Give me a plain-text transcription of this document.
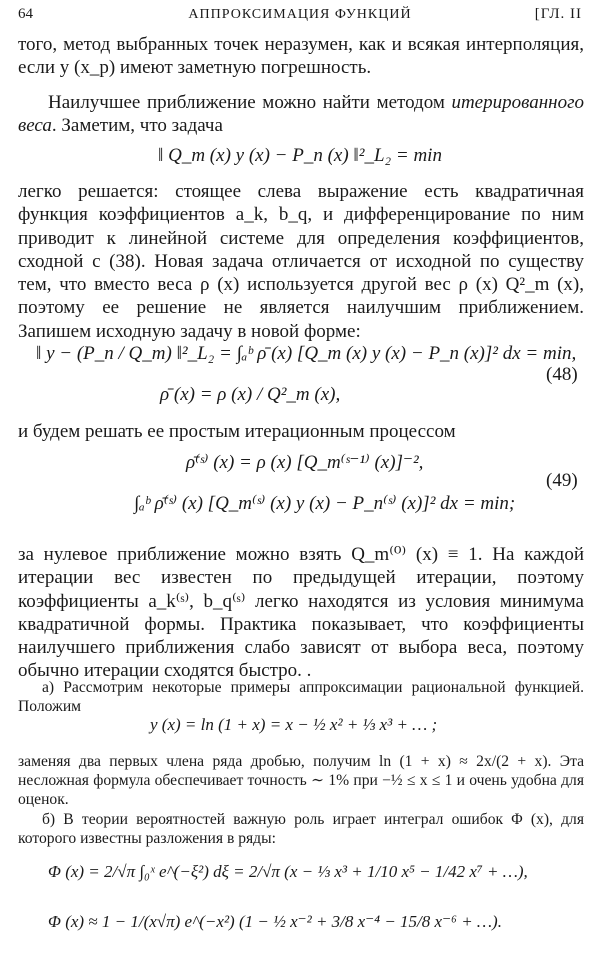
64	АППРОКСИМАЦИЯ ФУНКЦИЙ	[ГЛ. II

того, метод выбранных точек неразумен, как и всякая интерполяция, если y (x_p) имеют заметную погрешность.

Наилучшее приближение можно найти методом итерированного веса. Заметим, что задача

‖ Q_m (x) y (x) − P_n (x) ‖²_L₂ = min

легко решается: стоящее слева выражение есть квадратичная функция коэффициентов a_k, b_q, и дифференцирование по ним приводит к линейной системе для определения коэффициентов, сходной с (38). Новая задача отличается от исходной по существу тем, что вместо веса ρ (x) используется другой вес ρ (x) Q²_m (x), поэтому ее решение не является наилучшим приближением. Запишем исходную задачу в новой форме:

‖ y − (P_n / Q_m) ‖²_L₂ = ∫ₐᵇ ρ̄ (x) [Q_m (x) y (x) − P_n (x)]² dx = min,
ρ̄ (x) = ρ (x) / Q²_m (x),
(48)

и будем решать ее простым итерационным процессом

ρ̄⁽ˢ⁾ (x) = ρ (x) [Q_m⁽ˢ⁻¹⁾ (x)]⁻²,
∫ₐᵇ ρ̄⁽ˢ⁾ (x) [Q_m⁽ˢ⁾ (x) y (x) − P_n⁽ˢ⁾ (x)]² dx = min;
(49)

за нулевое приближение можно взять Q_m⁽⁰⁾ (x) ≡ 1. На каждой итерации вес известен по предыдущей итерации, поэтому коэффициенты a_k⁽ˢ⁾, b_q⁽ˢ⁾ легко находятся из условия минимума квадратичной формы. Практика показывает, что коэффициенты наилучшего приближения слабо зависят от выбора веса, поэтому обычно итерации сходятся быстро. .

а) Рассмотрим некоторые примеры аппроксимации рациональной функцией. Положим

y (x) = ln (1 + x) = x − ½ x² + ⅓ x³ + … ;

заменяя два первых члена ряда дробью, получим ln (1 + x) ≈ 2x/(2 + x). Эта несложная формула обеспечивает точность ∼ 1% при −½ ≤ x ≤ 1 и очень удобна для оценок.

б) В теории вероятностей важную роль играет интеграл ошибок Φ (x), для которого известны разложения в ряды:

Φ (x) = 2/√π ∫₀ˣ e^(−ξ²) dξ = 2/√π (x − ⅓ x³ + 1/10 x⁵ − 1/42 x⁷ + …),
Φ (x) ≈ 1 − 1/(x√π) e^(−x²) (1 − ½ x⁻² + 3/8 x⁻⁴ − 15/8 x⁻⁶ + …).
